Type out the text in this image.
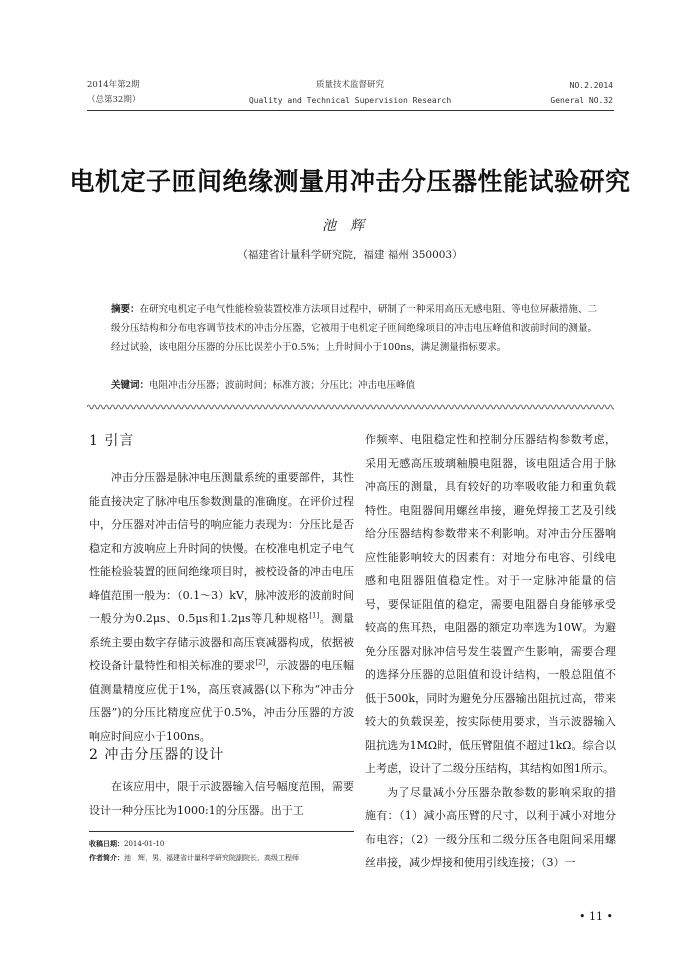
2014年第2期
（总第32期）
质量技术监督研究
Quality and Technical Supervision Research
NO.2.2014
General NO.32
电机定子匝间绝缘测量用冲击分压器性能试验研究
池辉
（福建省计量科学研究院，福建 福州 350003）
摘要：在研究电机定子电气性能检验装置校准方法项目过程中，研制了一种采用高压无感电阻、等电位屏蔽措施、二级分压结构和分布电容调节技术的冲击分压器，它被用于电机定子匝间绝缘项目的冲击电压峰值和波前时间的测量。经过试验，该电阻分压器的分压比误差小于0.5%；上升时间小于100ns，满足测量指标要求。
关键词：电阻冲击分压器；波前时间；标准方波；分压比；冲击电压峰值
1 引言

冲击分压器是脉冲电压测量系统的重要部件，其性能直接决定了脉冲电压参数测量的准确度。在评价过程中，分压器对冲击信号的响应能力表现为：分压比是否稳定和方波响应上升时间的快慢。在校准电机定子电气性能检验装置的匝间绝缘项目时，被校设备的冲击电压峰值范围一般为：（0.1～3）kV，脉冲波形的波前时间一般分为0.2μs、0.5μs和1.2μs等几种规格[1]。测量系统主要由数字存储示波器和高压衰减器构成，依据被校设备计量特性和相关标准的要求[2]，示波器的电压幅值测量精度应优于1%，高压衰减器(以下称为“冲击分压器”)的分压比精度应优于0.5%，冲击分压器的方波响应时间应小于100ns。

2 冲击分压器的设计

在该应用中，限于示波器输入信号幅度范围，需要设计一种分压比为1000:1的分压器。出于工

作频率、电阻稳定性和控制分压器结构参数考虑，采用无感高压玻璃釉膜电阻器，该电阻适合用于脉冲高压的测量，具有较好的功率吸收能力和重负载特性。电阻器间用螺丝串接，避免焊接工艺及引线给分压器结构参数带来不利影响。对冲击分压器响应性能影响较大的因素有：对地分布电容、引线电感和电阻器阻值稳定性。对于一定脉冲能量的信号，要保证阻值的稳定，需要电阻器自身能够承受较高的焦耳热，电阻器的额定功率选为10W。为避免分压器对脉冲信号发生装置产生影响，需要合理的选择分压器的总阻值和设计结构，一般总阻值不低于500k，同时为避免分压器输出阻抗过高，带来较大的负载误差，按实际使用要求，当示波器输入阻抗选为1MΩ时，低压臂阻值不超过1kΩ。综合以上考虑，设计了二级分压结构，其结构如图1所示。

为了尽量减小分压器杂散参数的影响采取的措施有：（1）减小高压臂的尺寸，以利于减小对地分布电容；（2）一级分压和二级分压各电阻间采用螺丝串接，减少焊接和使用引线连接；（3）一

收稿日期：2014-01-10
作者简介：池　辉，男，福建省计量科学研究院副院长，高级工程师
• 11 •
